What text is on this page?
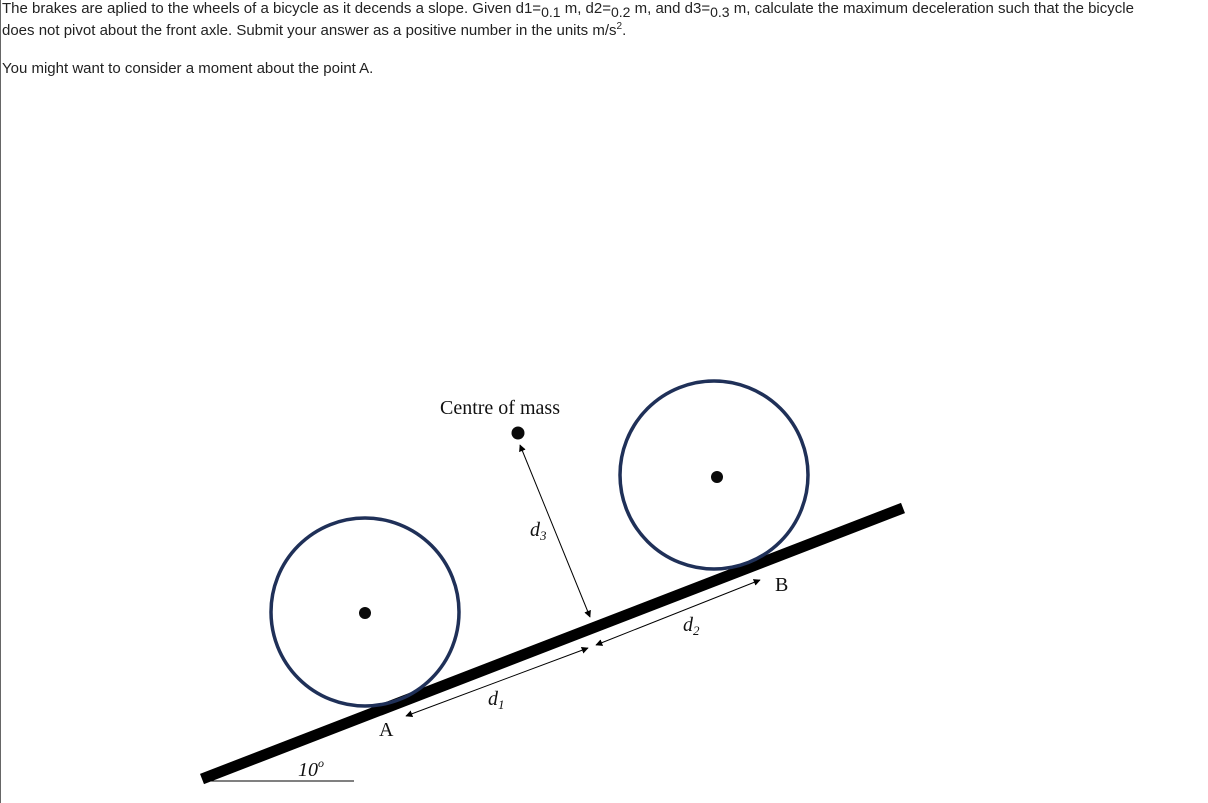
The brakes are aplied to the wheels of a bicycle as it decends a slope. Given d1=0.1 m, d2=0.2 m, and d3=0.3 m, calculate the maximum deceleration such that the bicycle
does not pivot about the front axle. Submit your answer as a positive number in the units $m/s^2$.
You might want to consider a moment about the point A.
Centre of mass
$d_3$
$d_1$
$d_2$
A
B
10$^o$
